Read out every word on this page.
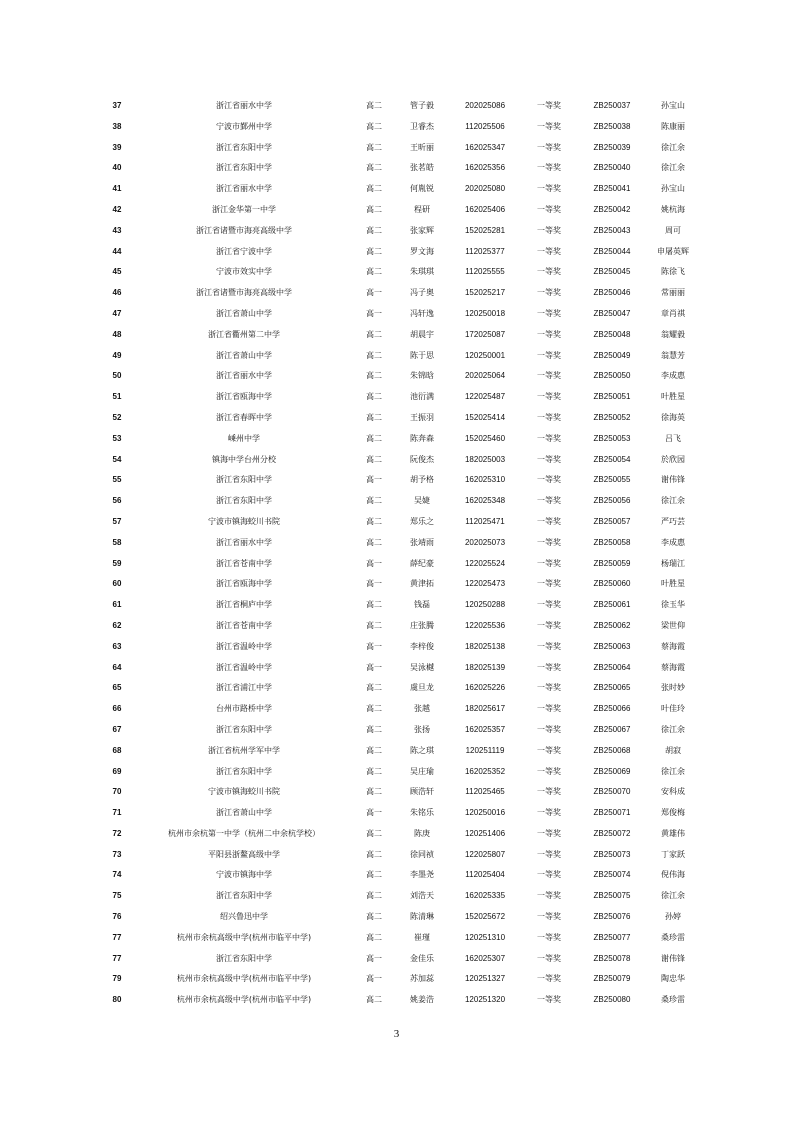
37	浙江省丽水中学	高二	管子毅	202025086	一等奖	ZB250037	孙宝山
38	宁波市鄞州中学	高二	卫睿杰	112025506	一等奖	ZB250038	陈康丽
39	浙江省东阳中学	高二	王昕丽	162025347	一等奖	ZB250039	徐江余
40	浙江省东阳中学	高二	张茗皓	162025356	一等奖	ZB250040	徐江余
41	浙江省丽水中学	高二	何胤锐	202025080	一等奖	ZB250041	孙宝山
42	浙江金华第一中学	高二	程研	162025406	一等奖	ZB250042	姚杭海
43	浙江省诸暨市海亮高级中学	高二	张家辉	152025281	一等奖	ZB250043	周可
44	浙江省宁波中学	高二	罗文海	112025377	一等奖	ZB250044	申屠英辉
45	宁波市效实中学	高二	朱琪琪	112025555	一等奖	ZB250045	陈徐飞
46	浙江省诸暨市海亮高级中学	高一	冯子奥	152025217	一等奖	ZB250046	常丽丽
47	浙江省萧山中学	高一	冯轩逸	120250018	一等奖	ZB250047	章肖祺
48	浙江省衢州第二中学	高二	胡晨宇	172025087	一等奖	ZB250048	翁耀毅
49	浙江省萧山中学	高二	陈于思	120250001	一等奖	ZB250049	翁慧芳
50	浙江省丽水中学	高二	朱锦晗	202025064	一等奖	ZB250050	李成惠
51	浙江省瓯海中学	高二	池衍满	122025487	一等奖	ZB250051	叶胜星
52	浙江省春晖中学	高二	王振羽	152025414	一等奖	ZB250052	徐海英
53	嵊州中学	高二	陈奔森	152025460	一等奖	ZB250053	吕飞
54	镇海中学台州分校	高二	阮俊杰	182025003	一等奖	ZB250054	於欣园
55	浙江省东阳中学	高一	胡予格	162025310	一等奖	ZB250055	谢伟锋
56	浙江省东阳中学	高二	吴婕	162025348	一等奖	ZB250056	徐江余
57	宁波市镇海蛟川书院	高二	郑乐之	112025471	一等奖	ZB250057	严巧芸
58	浙江省丽水中学	高二	张靖雨	202025073	一等奖	ZB250058	李成惠
59	浙江省苍南中学	高一	薛纪豪	122025524	一等奖	ZB250059	杨瑞江
60	浙江省瓯海中学	高一	黄津拓	122025473	一等奖	ZB250060	叶胜星
61	浙江省桐庐中学	高二	钱磊	120250288	一等奖	ZB250061	徐玉华
62	浙江省苍南中学	高二	庄张腾	122025536	一等奖	ZB250062	梁世仰
63	浙江省温岭中学	高一	李梓俊	182025138	一等奖	ZB250063	蔡海霞
64	浙江省温岭中学	高一	吴泳樾	182025139	一等奖	ZB250064	蔡海霞
65	浙江省浦江中学	高二	虞旦龙	162025226	一等奖	ZB250065	张时妙
66	台州市路桥中学	高二	张越	182025617	一等奖	ZB250066	叶佳玲
67	浙江省东阳中学	高二	张扬	162025357	一等奖	ZB250067	徐江余
68	浙江省杭州学军中学	高二	陈之琪	120251119	一等奖	ZB250068	胡寂
69	浙江省东阳中学	高二	吴庄瑜	162025352	一等奖	ZB250069	徐江余
70	宁波市镇海蛟川书院	高二	顾浩轩	112025465	一等奖	ZB250070	安科成
71	浙江省萧山中学	高一	朱铭乐	120250016	一等奖	ZB250071	郑俊梅
72	杭州市余杭第一中学（杭州二中余杭学校）	高二	陈庚	120251406	一等奖	ZB250072	黄雄伟
73	平阳县浙鳌高级中学	高二	徐同祯	122025807	一等奖	ZB250073	丁家跃
74	宁波市镇海中学	高二	李墨尧	112025404	一等奖	ZB250074	倪伟海
75	浙江省东阳中学	高二	刘浩天	162025335	一等奖	ZB250075	徐江余
76	绍兴鲁迅中学	高二	陈清琳	152025672	一等奖	ZB250076	孙婷
77	杭州市余杭高级中学(杭州市临平中学)	高二	崔瑾	120251310	一等奖	ZB250077	桑珍雷
77	浙江省东阳中学	高一	金佳乐	162025307	一等奖	ZB250078	谢伟锋
79	杭州市余杭高级中学(杭州市临平中学)	高一	苏加蕊	120251327	一等奖	ZB250079	陶忠华
80	杭州市余杭高级中学(杭州市临平中学)	高二	姚姜浩	120251320	一等奖	ZB250080	桑珍雷
3
